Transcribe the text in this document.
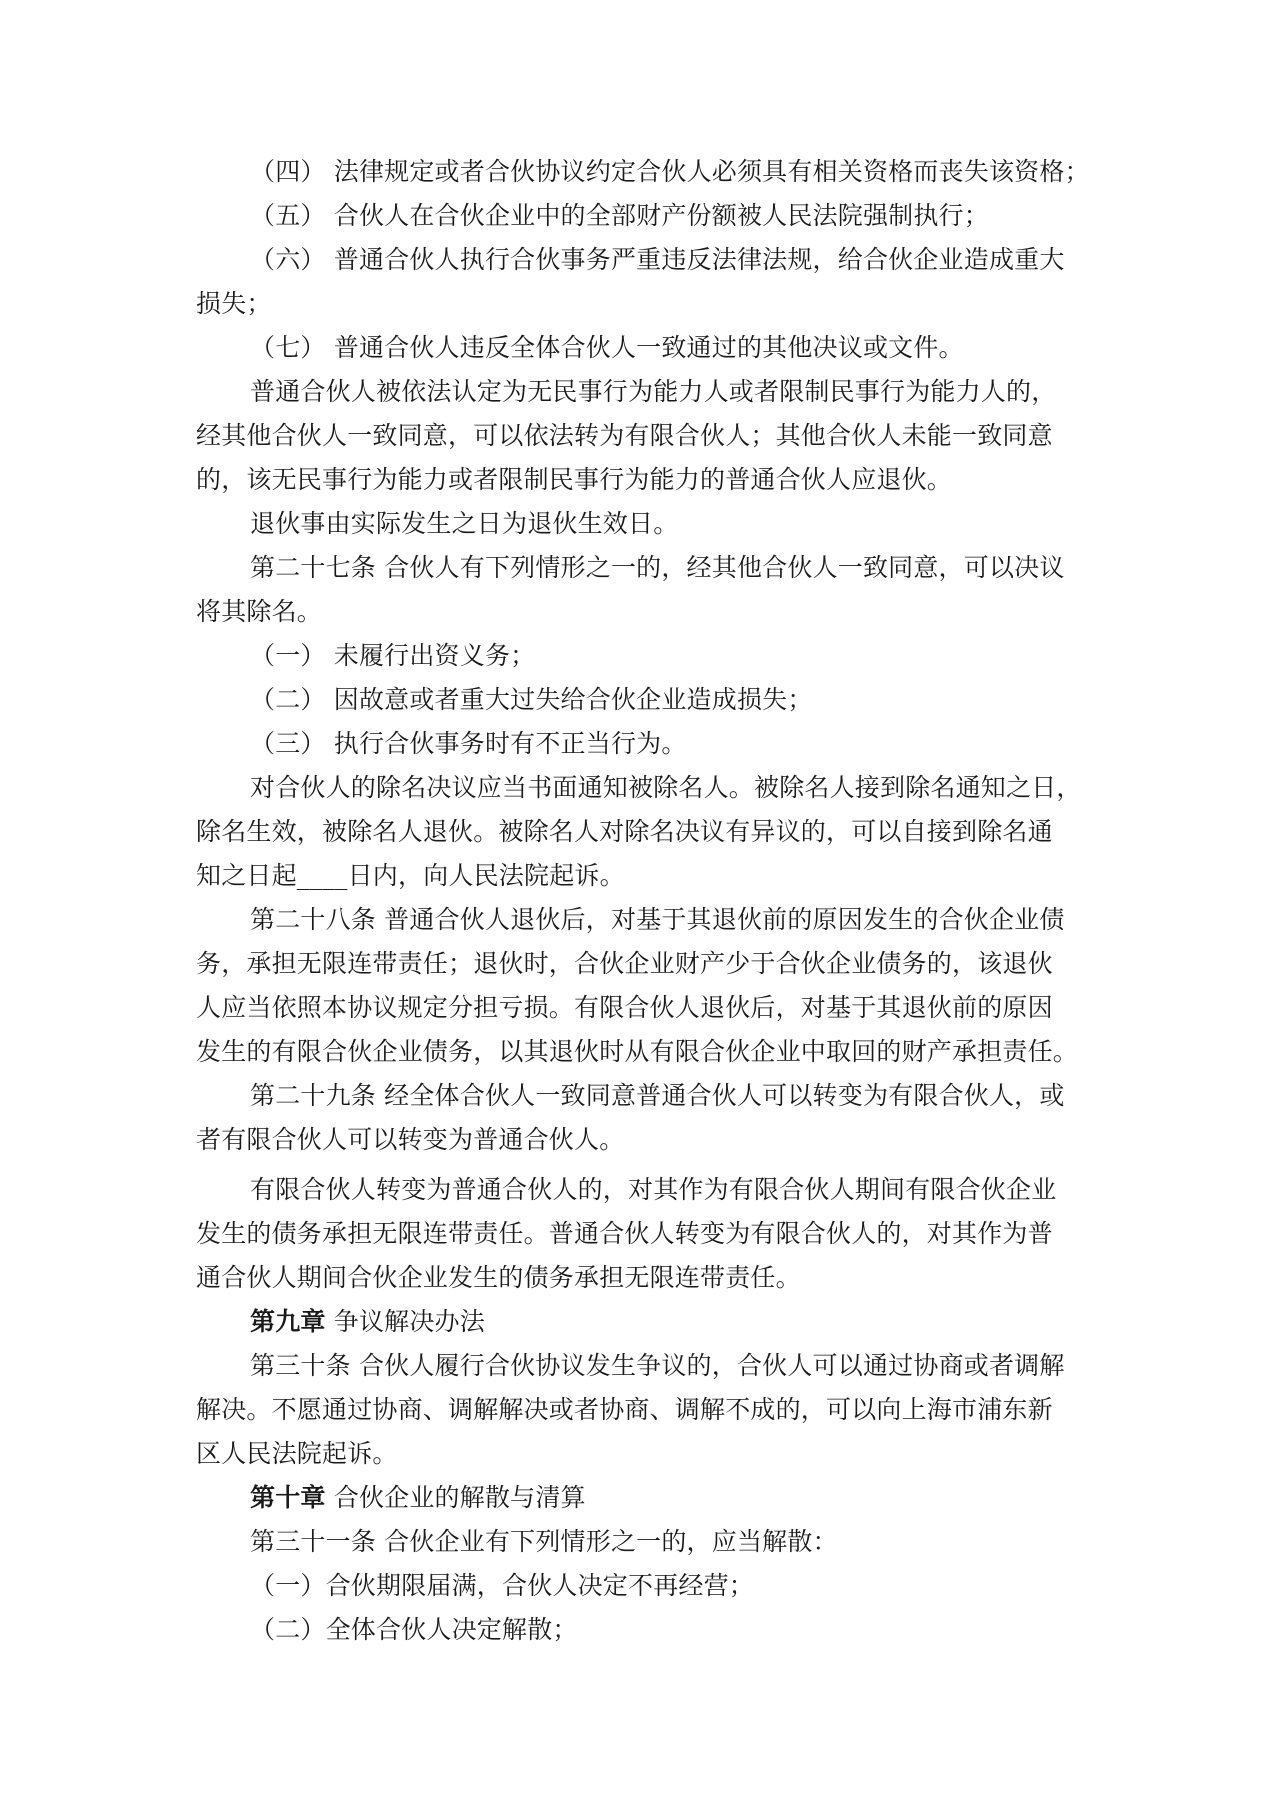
（四） 法律规定或者合伙协议约定合伙人必须具有相关资格而丧失该资格；
（五） 合伙人在合伙企业中的全部财产份额被人民法院强制执行；
（六） 普通合伙人执行合伙事务严重违反法律法规，给合伙企业造成重大
损失；
（七） 普通合伙人违反全体合伙人一致通过的其他决议或文件。
普通合伙人被依法认定为无民事行为能力人或者限制民事行为能力人的，
经其他合伙人一致同意，可以依法转为有限合伙人；其他合伙人未能一致同意
的，该无民事行为能力或者限制民事行为能力的普通合伙人应退伙。
退伙事由实际发生之日为退伙生效日。
第二十七条 合伙人有下列情形之一的，经其他合伙人一致同意，可以决议
将其除名。
（一） 未履行出资义务；
（二） 因故意或者重大过失给合伙企业造成损失；
（三） 执行合伙事务时有不正当行为。
对合伙人的除名决议应当书面通知被除名人。被除名人接到除名通知之日，
除名生效，被除名人退伙。被除名人对除名决议有异议的，可以自接到除名通
知之日起____日内，向人民法院起诉。
第二十八条 普通合伙人退伙后，对基于其退伙前的原因发生的合伙企业债
务，承担无限连带责任；退伙时，合伙企业财产少于合伙企业债务的，该退伙
人应当依照本协议规定分担亏损。有限合伙人退伙后，对基于其退伙前的原因
发生的有限合伙企业债务，以其退伙时从有限合伙企业中取回的财产承担责任。
第二十九条 经全体合伙人一致同意普通合伙人可以转变为有限合伙人，或
者有限合伙人可以转变为普通合伙人。
有限合伙人转变为普通合伙人的，对其作为有限合伙人期间有限合伙企业
发生的债务承担无限连带责任。普通合伙人转变为有限合伙人的，对其作为普
通合伙人期间合伙企业发生的债务承担无限连带责任。
第九章 争议解决办法
第三十条 合伙人履行合伙协议发生争议的，合伙人可以通过协商或者调解
解决。不愿通过协商、调解解决或者协商、调解不成的，可以向上海市浦东新
区人民法院起诉。
第十章 合伙企业的解散与清算
第三十一条 合伙企业有下列情形之一的，应当解散：
（一）合伙期限届满，合伙人决定不再经营；
（二）全体合伙人决定解散；
